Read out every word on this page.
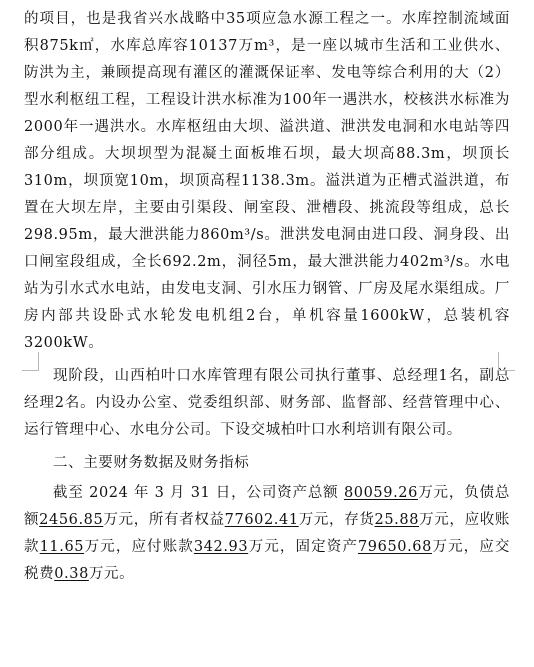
的项目，也是我省兴水战略中35项应急水源工程之一。水库控制流域面积875k㎡，水库总库容10137万m³，是一座以城市生活和工业供水、防洪为主，兼顾提高现有灌区的灌溉保证率、发电等综合利用的大（2）型水利枢纽工程，工程设计洪水标准为100年一遇洪水，校核洪水标准为2000年一遇洪水。水库枢纽由大坝、溢洪道、泄洪发电洞和水电站等四部分组成。大坝坝型为混凝土面板堆石坝，最大坝高88.3m，坝顶长310m，坝顶宽10m，坝顶高程1138.3m。溢洪道为正槽式溢洪道，布置在大坝左岸，主要由引渠段、闸室段、泄槽段、挑流段等组成，总长298.95m，最大泄洪能力860m³/s。泄洪发电洞由进口段、洞身段、出口闸室段组成，全长692.2m，洞径5m，最大泄洪能力402m³/s。水电站为引水式水电站，由发电支洞、引水压力钢管、厂房及尾水渠组成。厂房内部共设卧式水轮发电机组2台，单机容量1600kW，总装机容 3200kW。

现阶段，山西柏叶口水库管理有限公司执行董事、总经理1名，副总经理2名。内设办公室、党委组织部、财务部、监督部、经营管理中心、运行管理中心、水电分公司。下设交城柏叶口水利培训有限公司。

二、主要财务数据及财务指标

截至 2024 年 3 月 31 日，公司资产总额 80059.26万元，负债总额2456.85万元，所有者权益77602.41万元，存货25.88万元，应收账款11.65万元，应付账款342.93万元，固定资产79650.68万元，应交税费0.38万元。
